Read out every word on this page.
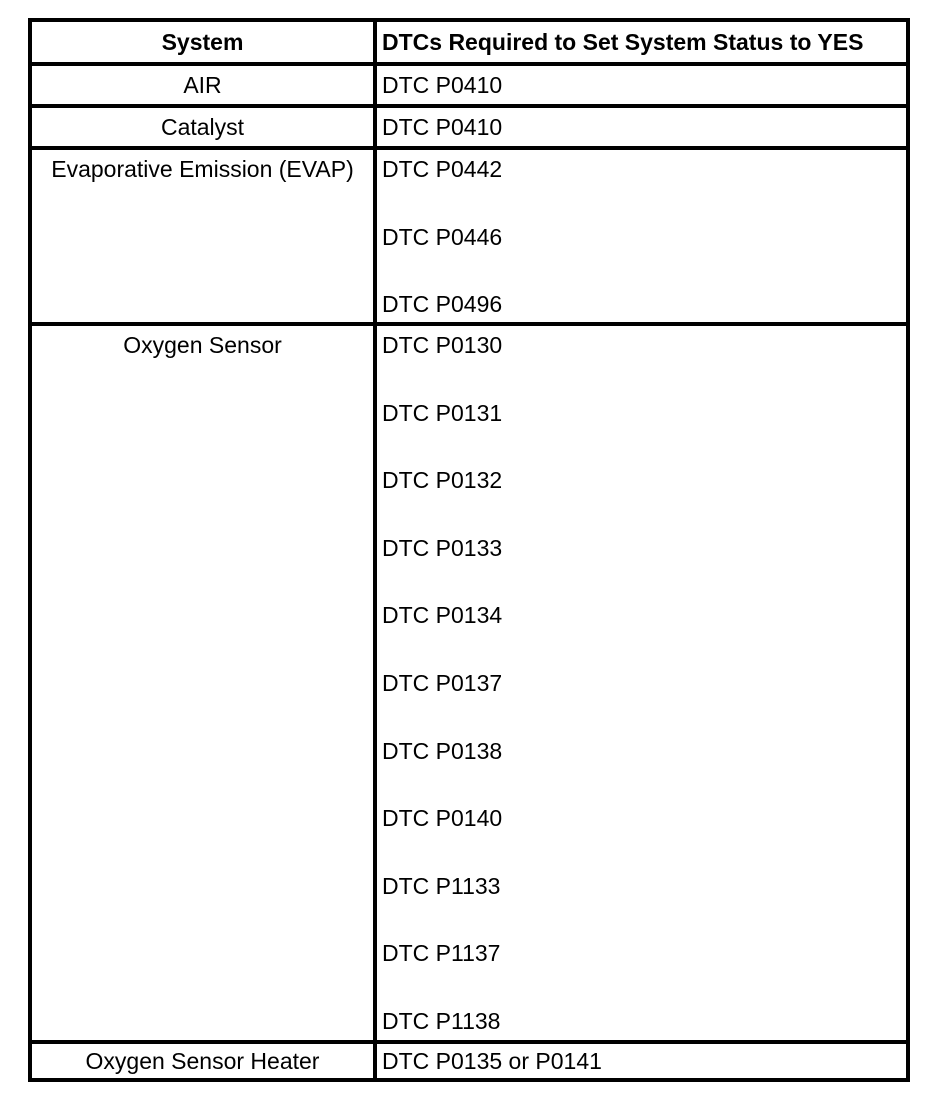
System	DTCs Required to Set System Status to YES
AIR	DTC P0410
Catalyst	DTC P0410
Evaporative Emission (EVAP)	DTC P0442
DTC P0446
DTC P0496
Oxygen Sensor	DTC P0130
DTC P0131
DTC P0132
DTC P0133
DTC P0134
DTC P0137
DTC P0138
DTC P0140
DTC P1133
DTC P1137
DTC P1138
Oxygen Sensor Heater	DTC P0135 or P0141
